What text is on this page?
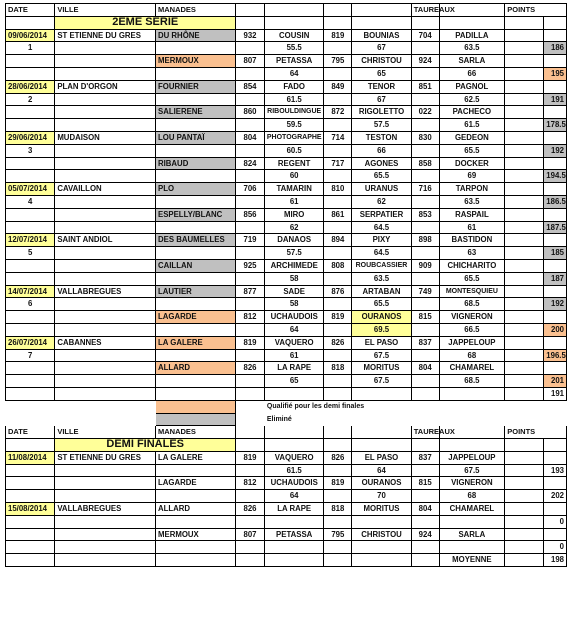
DATE	VILLE	MANADES					TAUREAUX		POINTS	
	2EME SERIE									
09/06/2014	ST ETIENNE DU GRES	DU RHÔNE	932	COUSIN	819	BOUNIAS	704	PADILLA		
1				55.5		67		63.5		186
		MERMOUX	807	PETASSA	795	CHRISTOU	924	SARLA		
				64		65		66		195
28/06/2014	PLAN D'ORGON	FOURNIER	854	FADO	849	TENOR	851	PAGNOL		
2				61.5		67		62.5		191
		SALIERENE	860	RIBOULDINGUE	872	RIGOLETTO	022	PACHECO		
				59.5		57.5		61.5		178.5
29/06/2014	MUDAISON	LOU PANTAÏ	804	PHOTOGRAPHE	714	TESTON	830	GEDEON		
3				60.5		66		65.5		192
		RIBAUD	824	REGENT	717	AGONES	858	DOCKER		
				60		65.5		69		194.5
05/07/2014	CAVAILLON	PLO	706	TAMARIN	810	URANUS	716	TARPON		
4				61		62		63.5		186.5
		ESPELLY/BLANC	856	MIRO	861	SERPATIER	853	RASPAIL		
				62		64.5		61		187.5
12/07/2014	SAINT ANDIOL	DES BAUMELLES	719	DANAOS	894	PIXY	898	BASTIDON		
5				57.5		64.5		63		185
		CAILLAN	925	ARCHIMEDE	808	ROUBCASSIER	909	CHICHARITO		
				58		63.5		65.5		187
14/07/2014	VALLABREGUES	LAUTIER	877	SADE	876	ARTABAN	749	MONTESQUIEU		
6				58		65.5		68.5		192
		LAGARDE	812	UCHAUDOIS	819	OURANOS	815	VIGNERON		
				64		69.5		66.5		200
26/07/2014	CABANNES	LA GALERE	819	VAQUERO	826	EL PASO	837	JAPPELOUP		
7				61		67.5		68		196.5
		ALLARD	826	LA RAPE	818	MORITUS	804	CHAMAREL		
				65		67.5		68.5		201
										191
				Qualifié pour les demi finales						
				Eliminé						
DATE	VILLE	MANADES					TAUREAUX		POINTS	
	DEMI FINALES									
11/08/2014	ST ETIENNE DU GRES	LA GALERE	819	VAQUERO	826	EL PASO	837	JAPPELOUP		
				61.5		64		67.5		193
		LAGARDE	812	UCHAUDOIS	819	OURANOS	815	VIGNERON		
				64		70		68		202
15/08/2014	VALLABREGUES	ALLARD	826	LA RAPE	818	MORITUS	804	CHAMAREL		
										0
		MERMOUX	807	PETASSA	795	CHRISTOU	924	SARLA		
										0
								MOYENNE		198
